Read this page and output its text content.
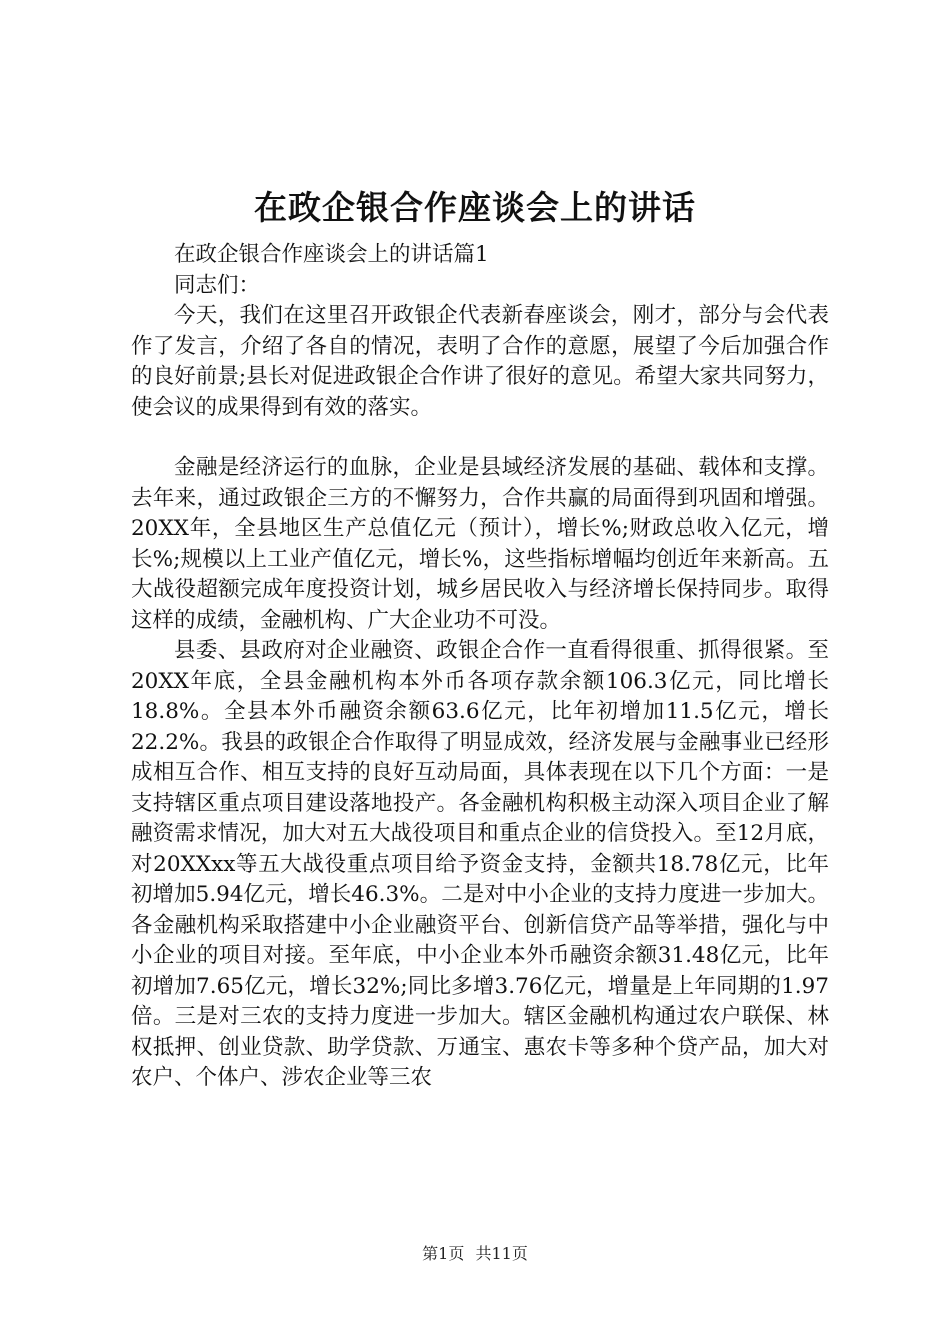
在政企银合作座谈会上的讲话

在政企银合作座谈会上的讲话篇1

同志们：

今天，我们在这里召开政银企代表新春座谈会，刚才，部分与会代表作了发言，介绍了各自的情况，表明了合作的意愿，展望了今后加强合作的良好前景;县长对促进政银企合作讲了很好的意见。希望大家共同努力，使会议的成果得到有效的落实。

金融是经济运行的血脉，企业是县域经济发展的基础、载体和支撑。去年来，通过政银企三方的不懈努力，合作共赢的局面得到巩固和增强。20XX年，全县地区生产总值亿元（预计），增长%;财政总收入亿元，增长%;规模以上工业产值亿元，增长%，这些指标增幅均创近年来新高。五大战役超额完成年度投资计划，城乡居民收入与经济增长保持同步。取得这样的成绩，金融机构、广大企业功不可没。

县委、县政府对企业融资、政银企合作一直看得很重、抓得很紧。至20XX年底，全县金融机构本外币各项存款余额106.3亿元，同比增长18.8%。全县本外币融资余额63.6亿元，比年初增加11.5亿元，增长22.2%。我县的政银企合作取得了明显成效，经济发展与金融事业已经形成相互合作、相互支持的良好互动局面，具体表现在以下几个方面：一是支持辖区重点项目建设落地投产。各金融机构积极主动深入项目企业了解融资需求情况，加大对五大战役项目和重点企业的信贷投入。至12月底，对20XXxx等五大战役重点项目给予资金支持，金额共18.78亿元，比年初增加5.94亿元，增长46.3%。二是对中小企业的支持力度进一步加大。各金融机构采取搭建中小企业融资平台、创新信贷产品等举措，强化与中小企业的项目对接。至年底，中小企业本外币融资余额31.48亿元，比年初增加7.65亿元，增长32%;同比多增3.76亿元，增量是上年同期的1.97倍。三是对三农的支持力度进一步加大。辖区金融机构通过农户联保、林权抵押、创业贷款、助学贷款、万通宝、惠农卡等多种个贷产品，加大对农户、个体户、涉农企业等三农

第1页 共11页
